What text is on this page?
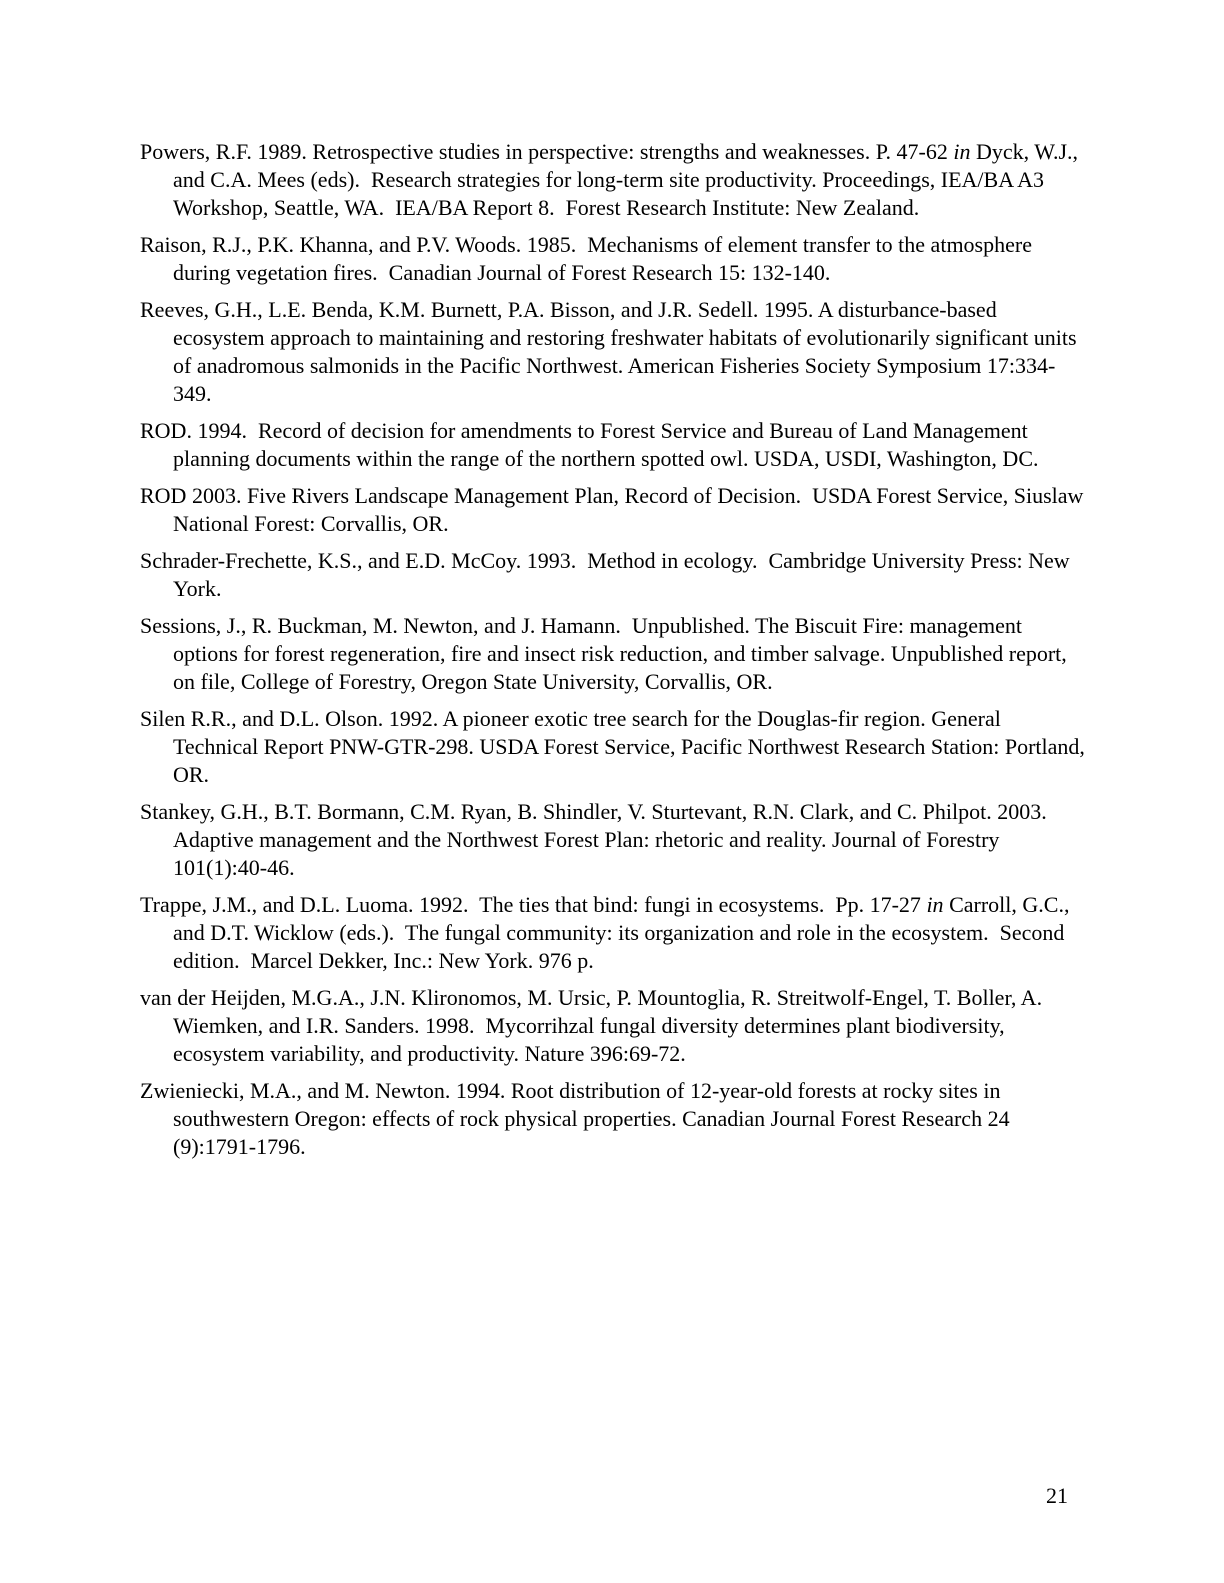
Powers, R.F. 1989. Retrospective studies in perspective: strengths and weaknesses. P. 47-62 in Dyck, W.J., and C.A. Mees (eds).  Research strategies for long-term site productivity. Proceedings, IEA/BA A3 Workshop, Seattle, WA.  IEA/BA Report 8.  Forest Research Institute: New Zealand.

Raison, R.J., P.K. Khanna, and P.V. Woods. 1985.  Mechanisms of element transfer to the atmosphere during vegetation fires.  Canadian Journal of Forest Research 15: 132-140.

Reeves, G.H., L.E. Benda, K.M. Burnett, P.A. Bisson, and J.R. Sedell. 1995. A disturbance-based ecosystem approach to maintaining and restoring freshwater habitats of evolutionarily significant units of anadromous salmonids in the Pacific Northwest. American Fisheries Society Symposium 17:334-349.

ROD. 1994.  Record of decision for amendments to Forest Service and Bureau of Land Management planning documents within the range of the northern spotted owl. USDA, USDI, Washington, DC.

ROD 2003. Five Rivers Landscape Management Plan, Record of Decision.  USDA Forest Service, Siuslaw National Forest: Corvallis, OR.

Schrader-Frechette, K.S., and E.D. McCoy. 1993.  Method in ecology.  Cambridge University Press: New York.

Sessions, J., R. Buckman, M. Newton, and J. Hamann.  Unpublished. The Biscuit Fire: management options for forest regeneration, fire and insect risk reduction, and timber salvage. Unpublished report, on file, College of Forestry, Oregon State University, Corvallis, OR.

Silen R.R., and D.L. Olson. 1992. A pioneer exotic tree search for the Douglas-fir region. General Technical Report PNW-GTR-298. USDA Forest Service, Pacific Northwest Research Station: Portland, OR.

Stankey, G.H., B.T. Bormann, C.M. Ryan, B. Shindler, V. Sturtevant, R.N. Clark, and C. Philpot. 2003. Adaptive management and the Northwest Forest Plan: rhetoric and reality. Journal of Forestry 101(1):40-46.

Trappe, J.M., and D.L. Luoma. 1992.  The ties that bind: fungi in ecosystems.  Pp. 17-27 in Carroll, G.C., and D.T. Wicklow (eds.).  The fungal community: its organization and role in the ecosystem.  Second edition.  Marcel Dekker, Inc.: New York. 976 p.

van der Heijden, M.G.A., J.N. Klironomos, M. Ursic, P. Mountoglia, R. Streitwolf-Engel, T. Boller, A. Wiemken, and I.R. Sanders. 1998.  Mycorrihzal fungal diversity determines plant biodiversity, ecosystem variability, and productivity. Nature 396:69-72.

Zwieniecki, M.A., and M. Newton. 1994. Root distribution of 12-year-old forests at rocky sites in southwestern Oregon: effects of rock physical properties. Canadian Journal Forest Research 24 (9):1791-1796.

21
